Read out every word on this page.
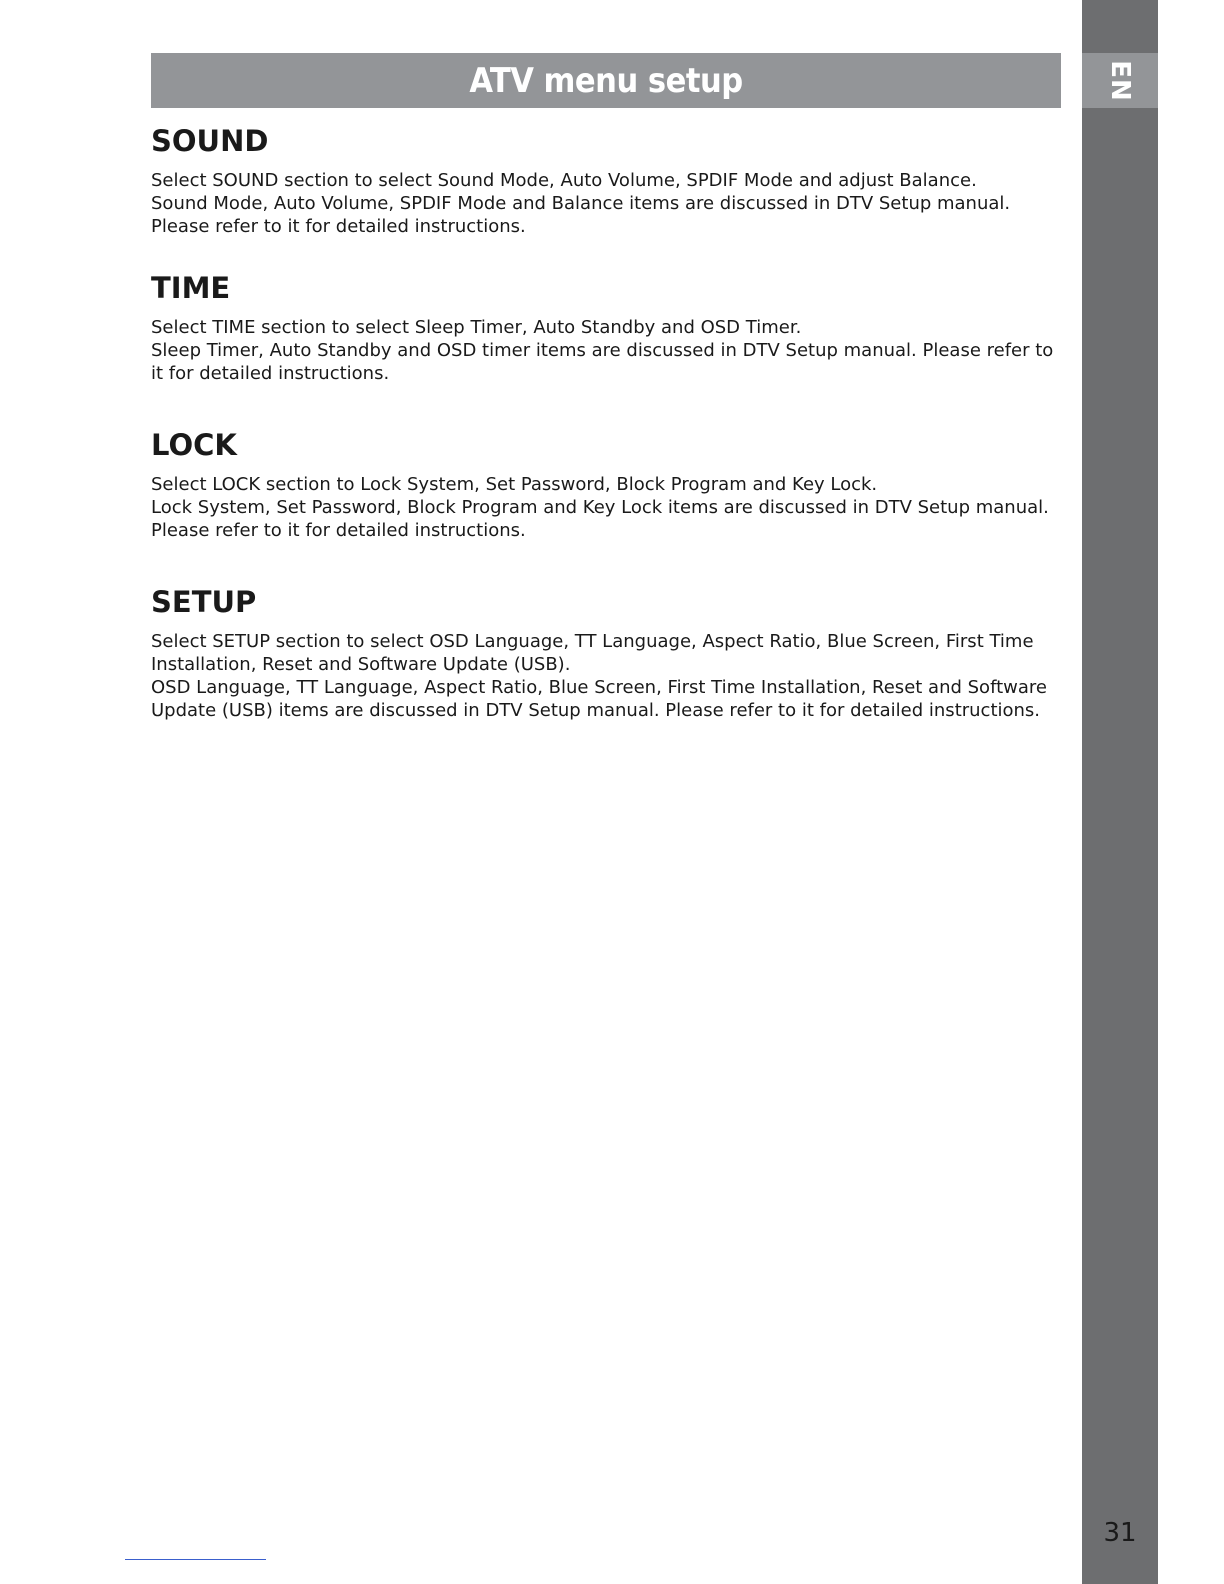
EN
31
ATV menu setup
SOUND

Select SOUND section to select Sound Mode, Auto Volume, SPDIF Mode and adjust Balance.

Sound Mode, Auto Volume, SPDIF Mode and Balance items are discussed in DTV Setup manual. Please refer to it for detailed instructions.

TIME

Select TIME section to select Sleep Timer, Auto Standby and OSD Timer.

Sleep Timer, Auto Standby and OSD timer items are discussed in DTV Setup manual. Please refer to it for detailed instructions.

LOCK

Select LOCK section to Lock System, Set Password, Block Program and Key Lock.

Lock System, Set Password, Block Program and Key Lock items are discussed in DTV Setup manual. Please refer to it for detailed instructions.

SETUP

Select SETUP section to select OSD Language, TT Language, Aspect Ratio, Blue Screen, First Time Installation, Reset and Software Update (USB).

OSD Language, TT Language, Aspect Ratio, Blue Screen, First Time Installation, Reset and Software Update (USB) items are discussed in DTV Setup manual. Please refer to it for detailed instructions.
